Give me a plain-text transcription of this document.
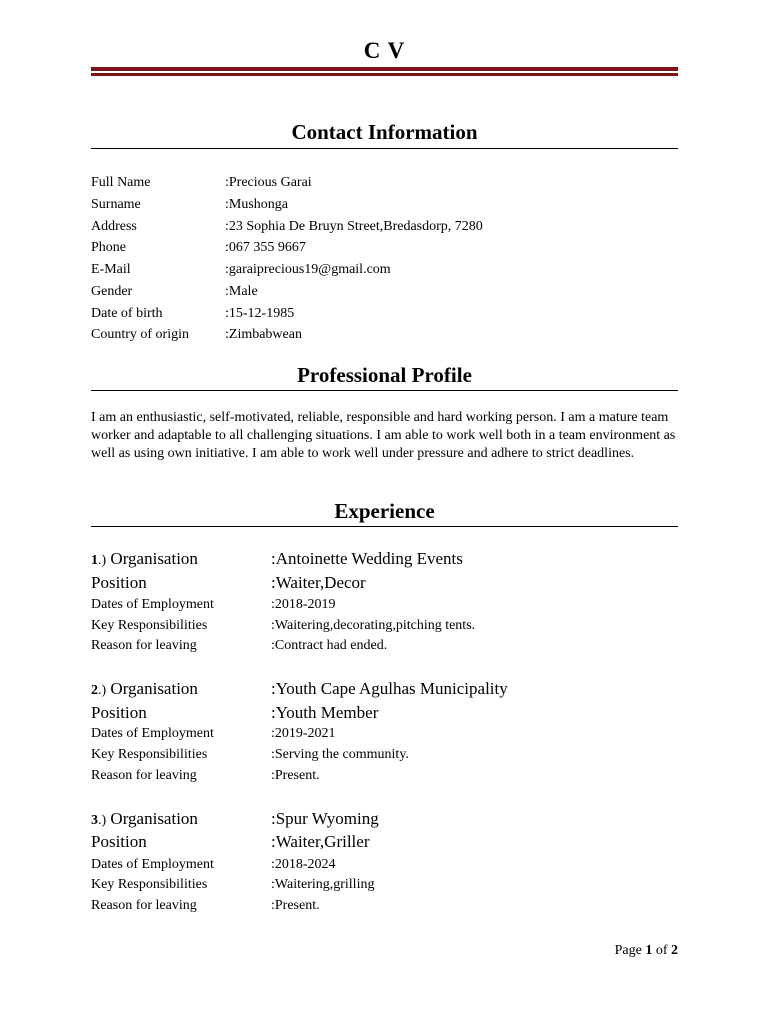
C V
Contact Information
Full Name	:Precious Garai
Surname	:Mushonga
Address	:23 Sophia De Bruyn Street,Bredasdorp, 7280
Phone	:067 355 9667
E-Mail	:garaiprecious19@gmail.com
Gender	:Male
Date of birth	:15-12-1985
Country of origin	:Zimbabwean
Professional Profile
I am an enthusiastic, self-motivated, reliable, responsible and hard working person. I am a mature team worker and adaptable to all challenging situations. I am able to work well both in a team environment as well as using own initiative. I am able to work well under pressure and adhere to strict deadlines.
Experience
1.) Organisation	:Antoinette Wedding Events
Position	:Waiter,Decor
Dates of Employment	:2018-2019
Key Responsibilities	:Waitering,decorating,pitching tents.
Reason for leaving	:Contract had ended.
2.) Organisation	:Youth Cape Agulhas Municipality
Position	:Youth Member
Dates of Employment	:2019-2021
Key Responsibilities	:Serving the community.
Reason for leaving	:Present.
3.) Organisation	:Spur Wyoming
Position	:Waiter,Griller
Dates of Employment	:2018-2024
Key Responsibilities	:Waitering,grilling
Reason for leaving	:Present.
Page 1 of 2
